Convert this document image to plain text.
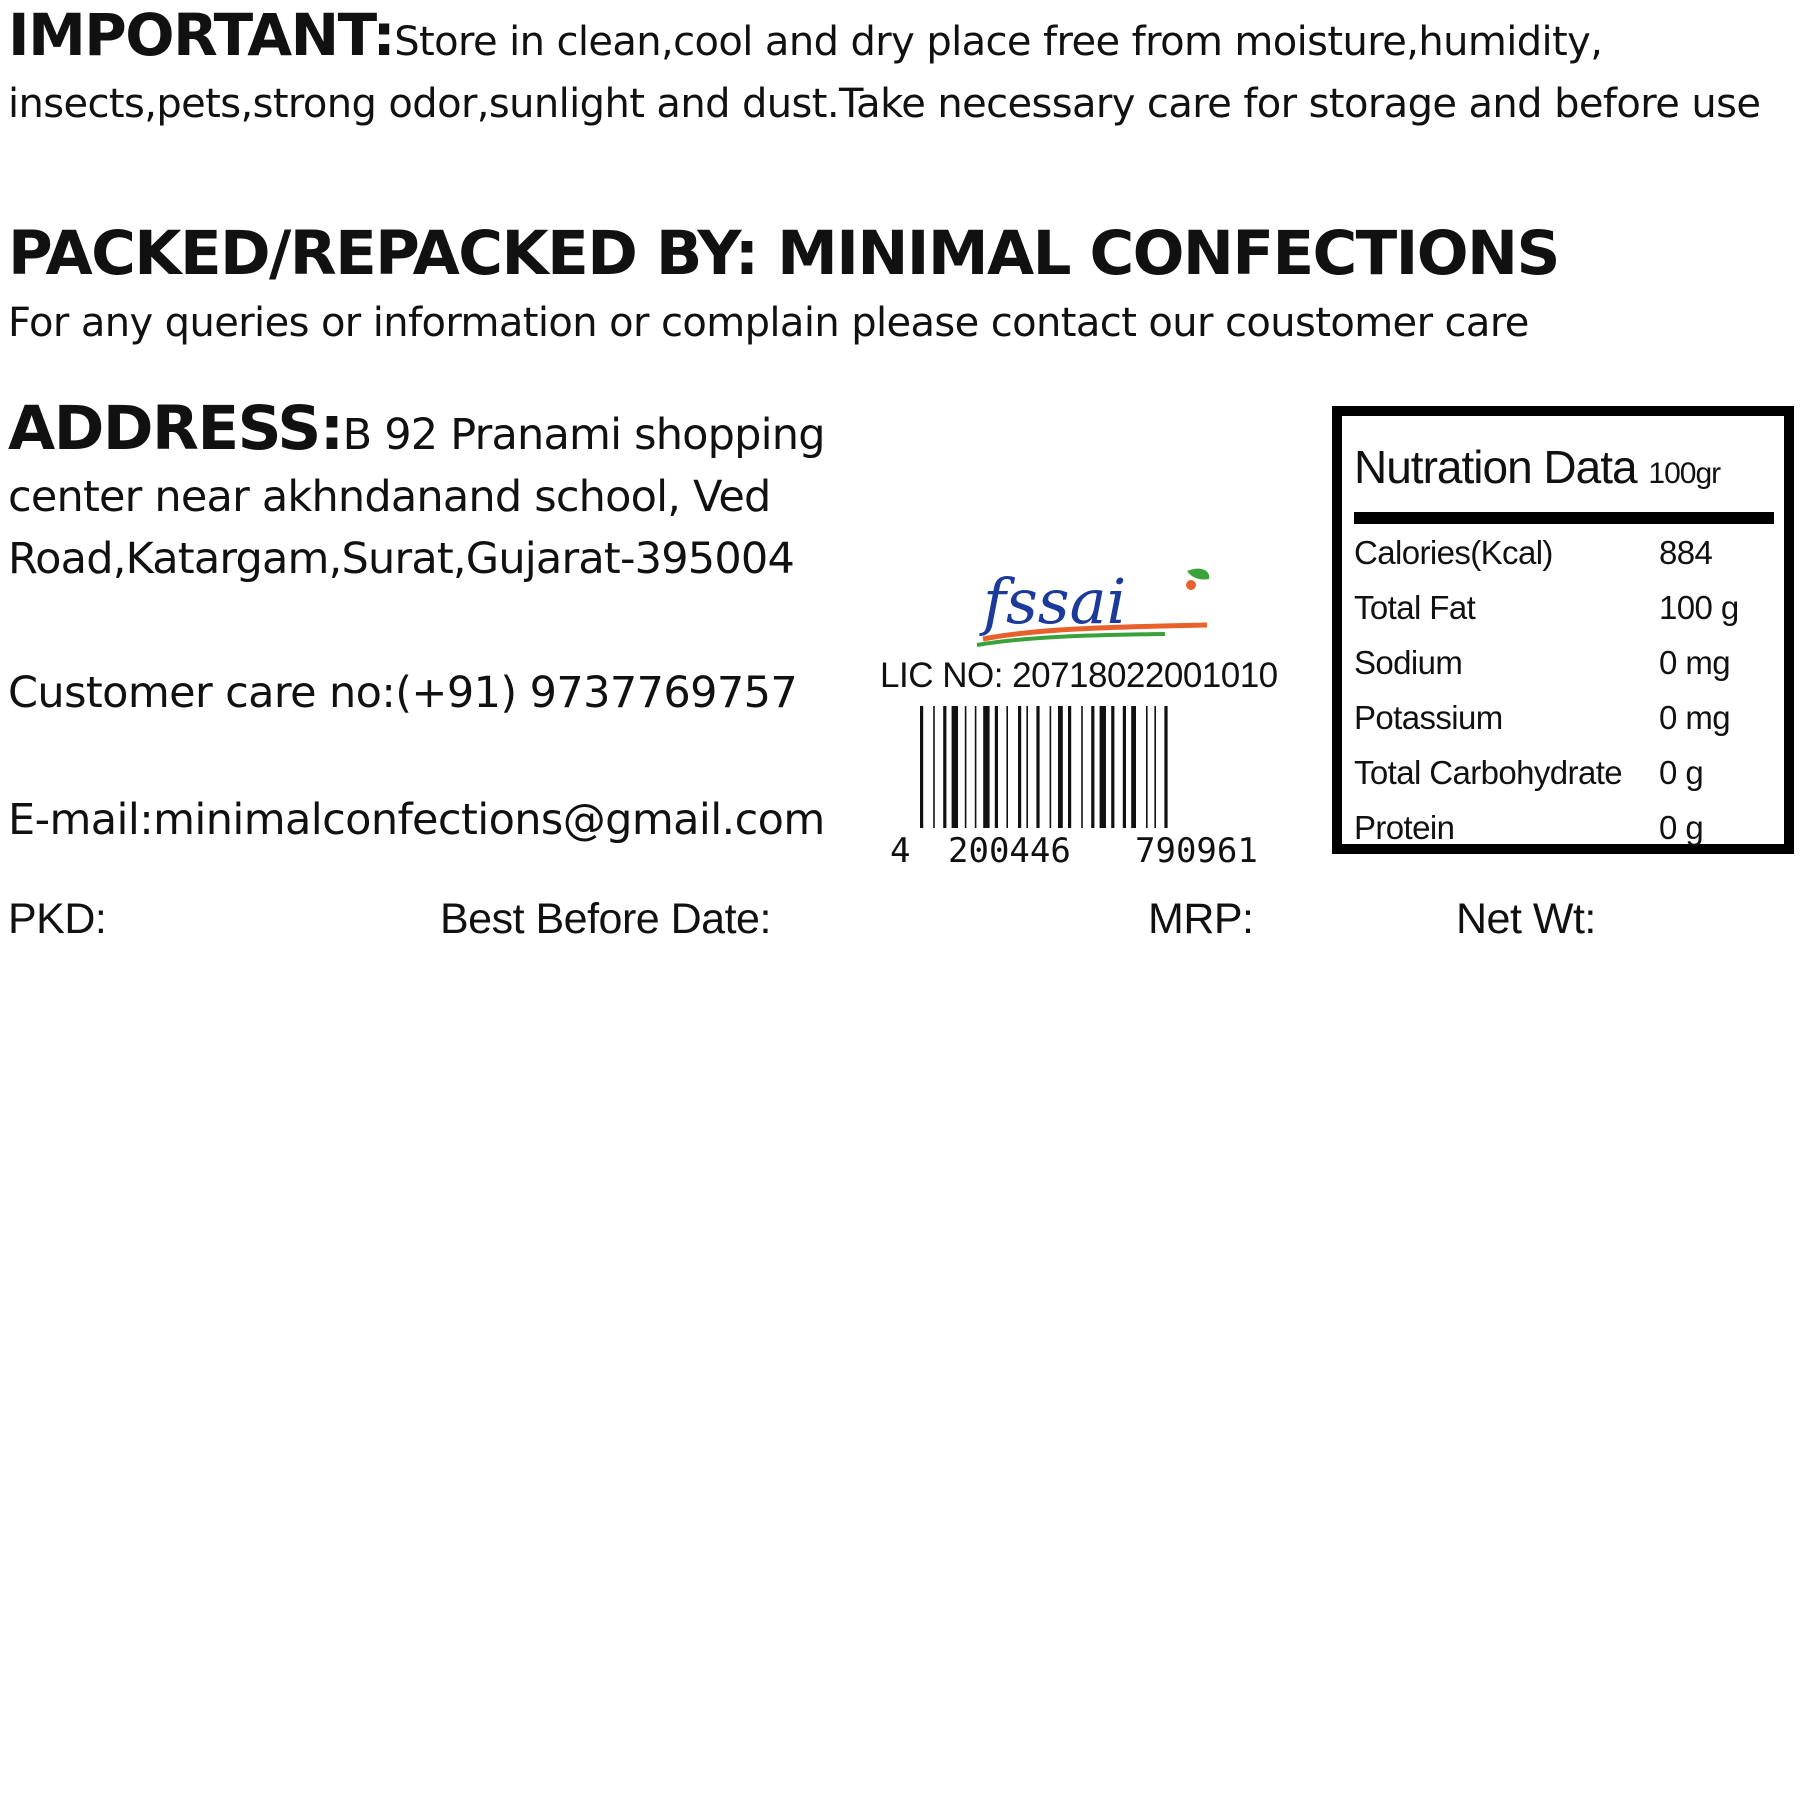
IMPORTANT:Store in clean,cool and dry place free from moisture,humidity, insects,pets,strong odor,sunlight and dust.Take necessary care for storage and before use
PACKED/REPACKED BY: MINIMAL CONFECTIONS
For any queries or information or complain please contact our coustomer care
ADDRESS:B 92 Pranami shopping center near akhndanand school, Ved Road,Katargam,Surat,Gujarat-395004
Customer care no:(+91) 9737769757
E-mail:minimalconfections@gmail.com
fssai
LIC NO: 20718022001010
4 200446 790961
Nutration Data 100gr
Calories(Kcal)	884
Total Fat	100 g
Sodium	0 mg
Potassium	0 mg
Total Carbohydrate 0 g
Protein	0 g
PKD:	Best Before Date:	MRP:	Net Wt:
